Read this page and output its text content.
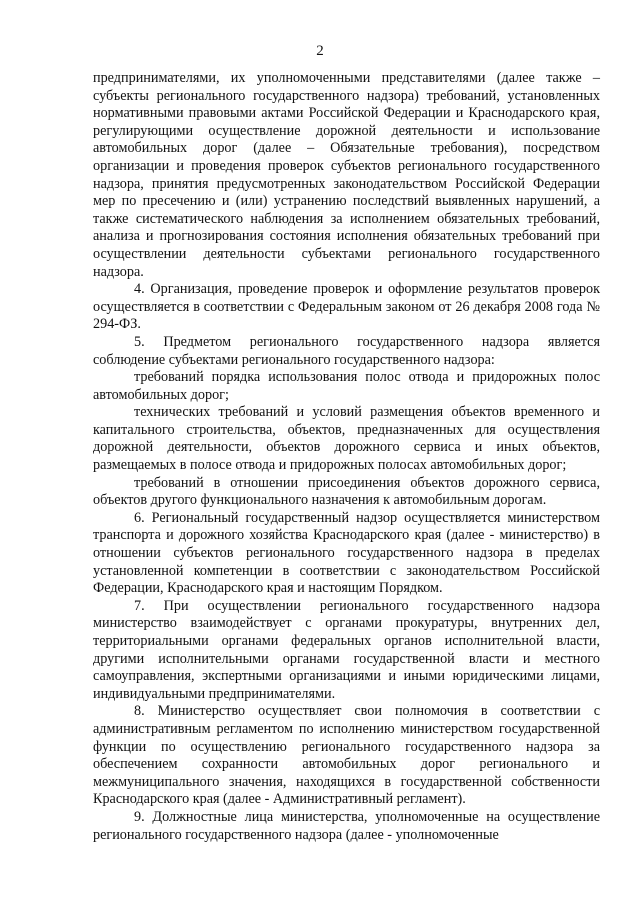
2

предпринимателями, их уполномоченными представителями (далее также – субъекты регионального государственного надзора) требований, установленных нормативными правовыми актами Российской Федерации и Краснодарского края, регулирующими осуществление дорожной деятельности и использование автомобильных дорог (далее – Обязательные требования), посредством организации и проведения проверок субъектов регионального государственного надзора, принятия предусмотренных законодательством Российской Федерации мер по пресечению и (или) устранению последствий выявленных нарушений, а также систематического наблюдения за исполнением обязательных требований, анализа и прогнозирования состояния исполнения обязательных требований при осуществлении деятельности субъектами регионального государственного надзора.

4. Организация, проведение проверок и оформление результатов проверок осуществляется в соответствии с Федеральным законом от 26 декабря 2008 года № 294-ФЗ.

5. Предметом регионального государственного надзора является соблюдение субъектами регионального государственного надзора:

требований порядка использования полос отвода и придорожных полос автомобильных дорог;

технических требований и условий размещения объектов временного и капитального строительства, объектов, предназначенных для осуществления дорожной деятельности, объектов дорожного сервиса и иных объектов, размещаемых в полосе отвода и придорожных полосах автомобильных дорог;

требований в отношении присоединения объектов дорожного сервиса, объектов другого функционального назначения к автомобильным дорогам.

6. Региональный государственный надзор осуществляется министерством транспорта и дорожного хозяйства Краснодарского края (далее - министерство) в отношении субъектов регионального государственного надзора в пределах установленной компетенции в соответствии с законодательством Российской Федерации, Краснодарского края и настоящим Порядком.

7. При осуществлении регионального государственного надзора министерство взаимодействует с органами прокуратуры, внутренних дел, территориальными органами федеральных органов исполнительной власти, другими исполнительными органами государственной власти и местного самоуправления, экспертными организациями и иными юридическими лицами, индивидуальными предпринимателями.

8. Министерство осуществляет свои полномочия в соответствии с административным регламентом по исполнению министерством государственной функции по осуществлению регионального государственного надзора за обеспечением сохранности автомобильных дорог регионального и межмуниципального значения, находящихся в государственной собственности Краснодарского края (далее - Административный регламент).

9. Должностные лица министерства, уполномоченные на осуществление регионального государственного надзора (далее - уполномоченные
